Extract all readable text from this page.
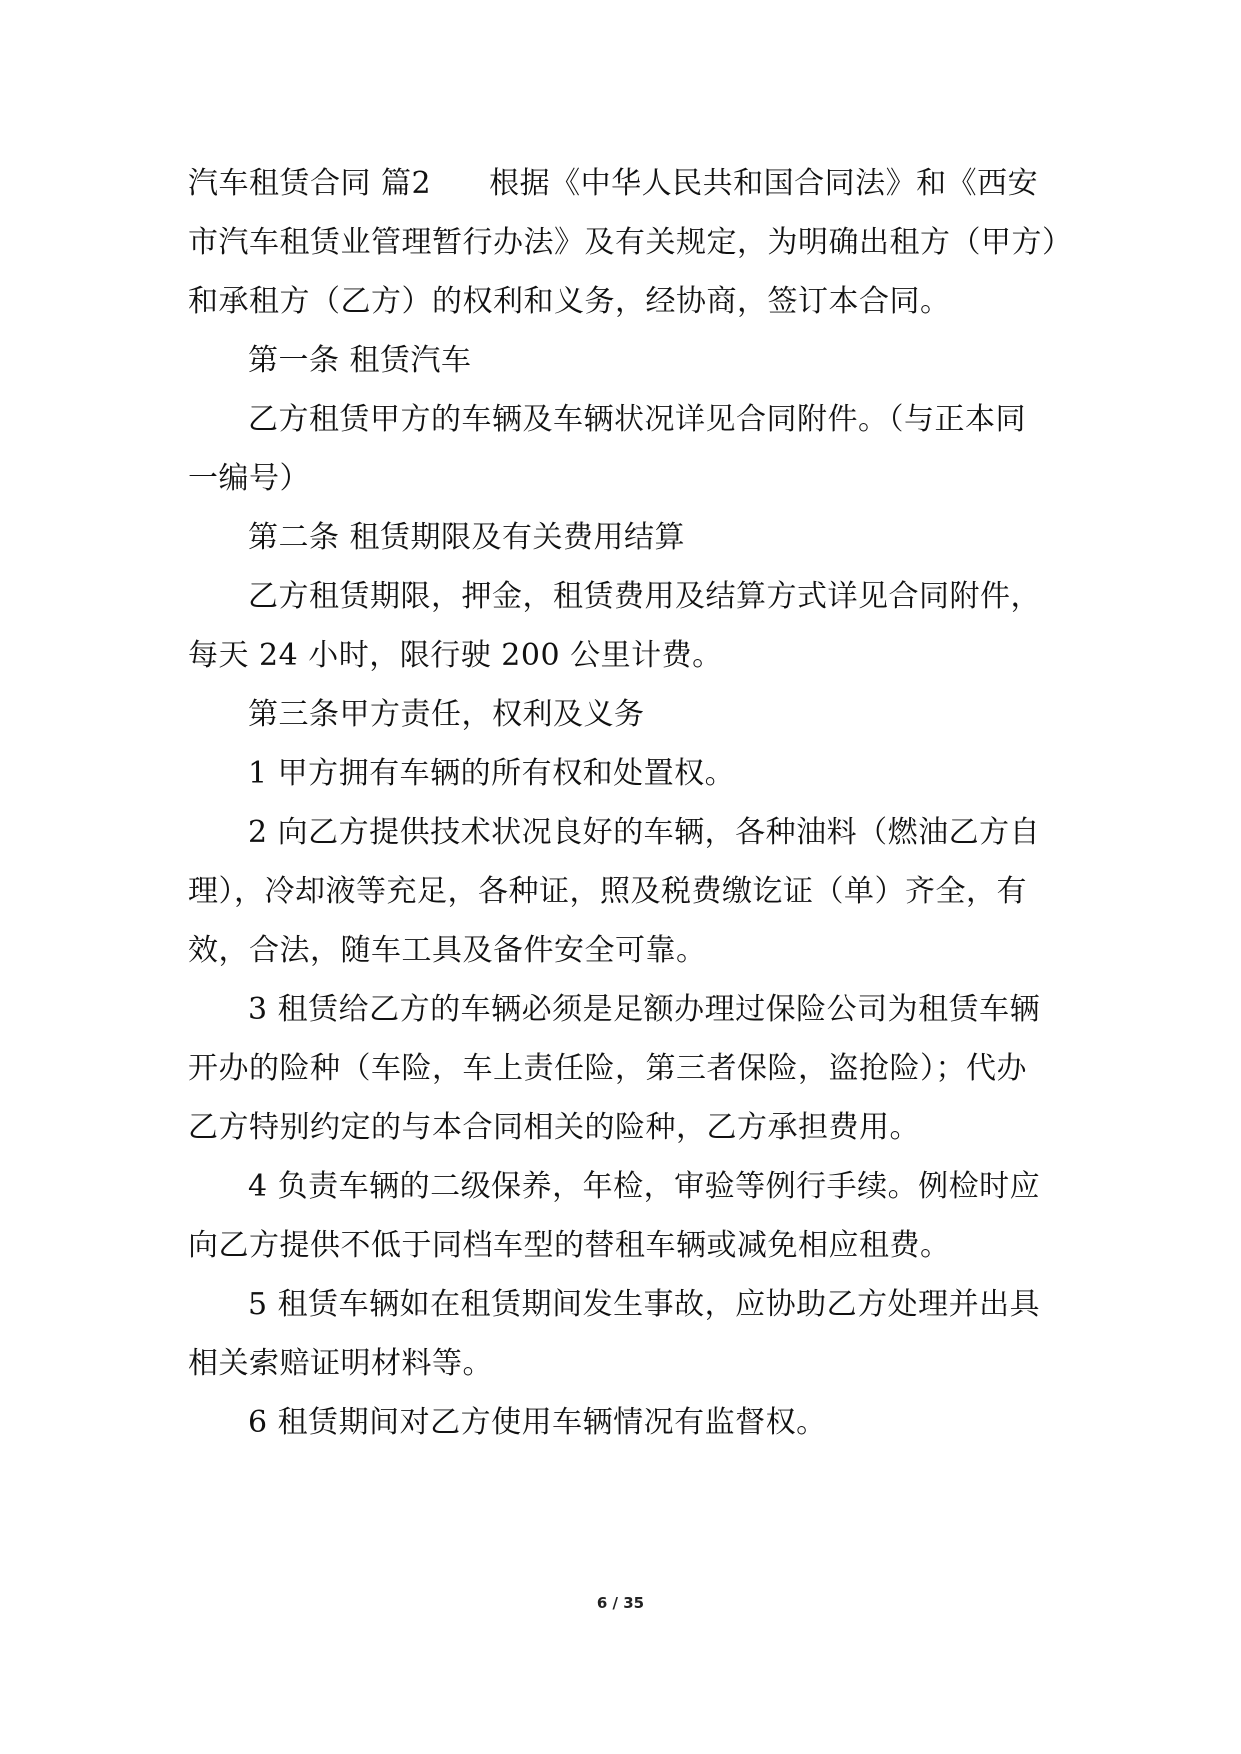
汽车租赁合同 篇2 根据《中华人民共和国合同法》和《西安
市汽车租赁业管理暂行办法》及有关规定，为明确出租方（甲方）
和承租方（乙方）的权利和义务，经协商，签订本合同。
第一条 租赁汽车
乙方租赁甲方的车辆及车辆状况详见合同附件。（与正本同
一编号）
第二条 租赁期限及有关费用结算
乙方租赁期限，押金，租赁费用及结算方式详见合同附件，
每天 24 小时，限行驶 200 公里计费。
第三条甲方责任，权利及义务
1 甲方拥有车辆的所有权和处置权。
2 向乙方提供技术状况良好的车辆，各种油料（燃油乙方自
理），冷却液等充足，各种证，照及税费缴讫证（单）齐全，有
效，合法，随车工具及备件安全可靠。
3 租赁给乙方的车辆必须是足额办理过保险公司为租赁车辆
开办的险种（车险，车上责任险，第三者保险，盗抢险）；代办
乙方特别约定的与本合同相关的险种，乙方承担费用。
4 负责车辆的二级保养，年检，审验等例行手续。例检时应
向乙方提供不低于同档车型的替租车辆或减免相应租费。
5 租赁车辆如在租赁期间发生事故，应协助乙方处理并出具
相关索赔证明材料等。
6 租赁期间对乙方使用车辆情况有监督权。
6 / 35
